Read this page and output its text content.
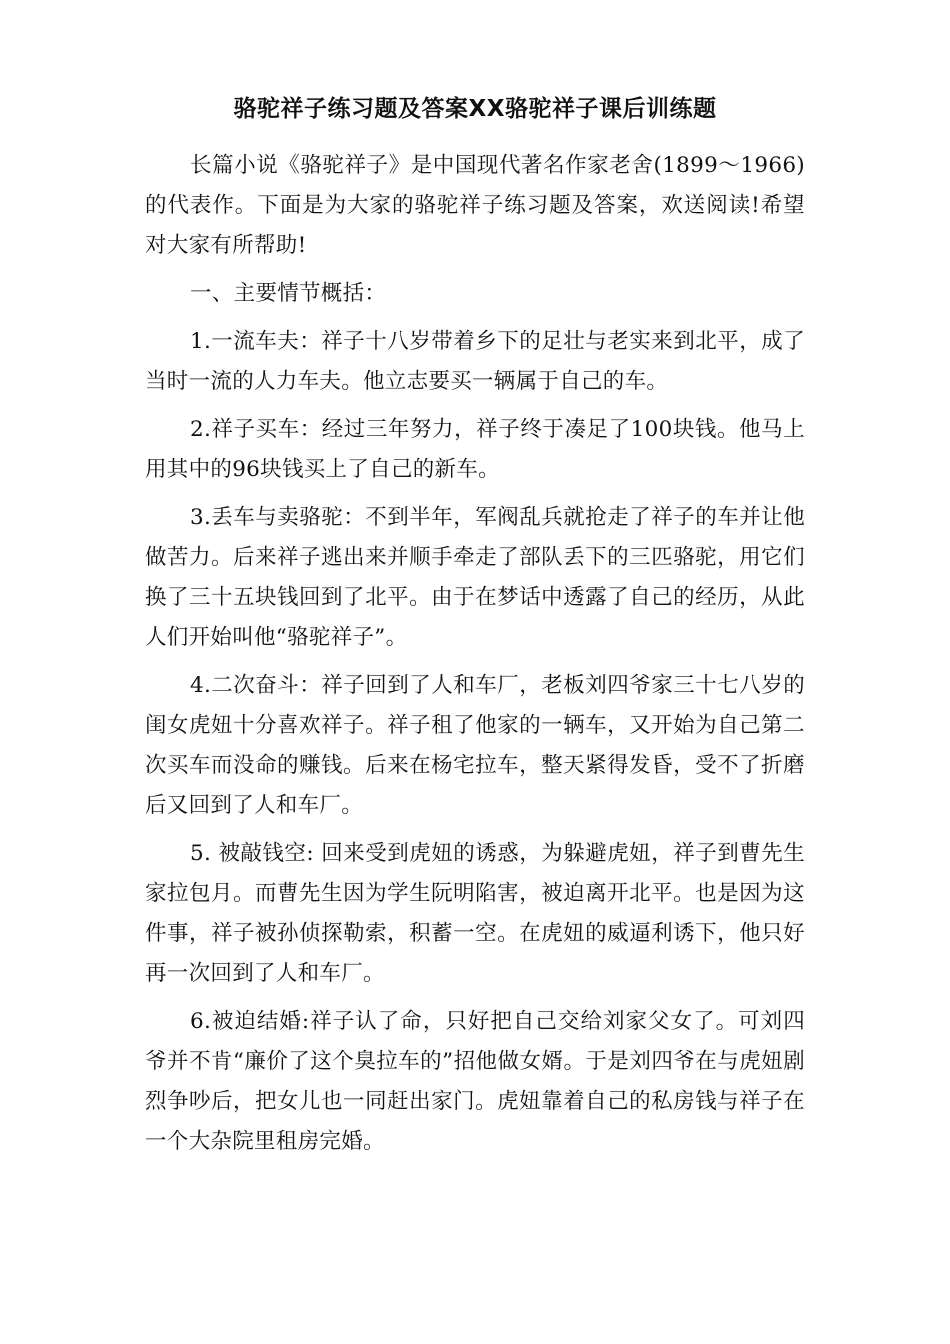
骆驼祥子练习题及答案XX骆驼祥子课后训练题

长篇小说《骆驼祥子》是中国现代著名作家老舍(1899～1966)的代表作。下面是为大家的骆驼祥子练习题及答案，欢送阅读!希望对大家有所帮助!

一、主要情节概括：

1.一流车夫：祥子十八岁带着乡下的足壮与老实来到北平，成了当时一流的人力车夫。他立志要买一辆属于自己的车。

2.祥子买车：经过三年努力，祥子终于凑足了100块钱。他马上用其中的96块钱买上了自己的新车。

3.丢车与卖骆驼：不到半年，军阀乱兵就抢走了祥子的车并让他做苦力。后来祥子逃出来并顺手牵走了部队丢下的三匹骆驼，用它们换了三十五块钱回到了北平。由于在梦话中透露了自己的经历，从此人们开始叫他“骆驼祥子”。

4.二次奋斗：祥子回到了人和车厂，老板刘四爷家三十七八岁的闺女虎妞十分喜欢祥子。祥子租了他家的一辆车，又开始为自己第二次买车而没命的赚钱。后来在杨宅拉车，整天紧得发昏，受不了折磨后又回到了人和车厂。

5. 被敲钱空: 回来受到虎妞的诱惑，为躲避虎妞，祥子到曹先生家拉包月。而曹先生因为学生阮明陷害，被迫离开北平。也是因为这件事，祥子被孙侦探勒索，积蓄一空。在虎妞的威逼利诱下，他只好再一次回到了人和车厂。

6.被迫结婚:祥子认了命，只好把自己交给刘家父女了。可刘四爷并不肯“廉价了这个臭拉车的”招他做女婿。于是刘四爷在与虎妞剧烈争吵后，把女儿也一同赶出家门。虎妞靠着自己的私房钱与祥子在一个大杂院里租房完婚。
